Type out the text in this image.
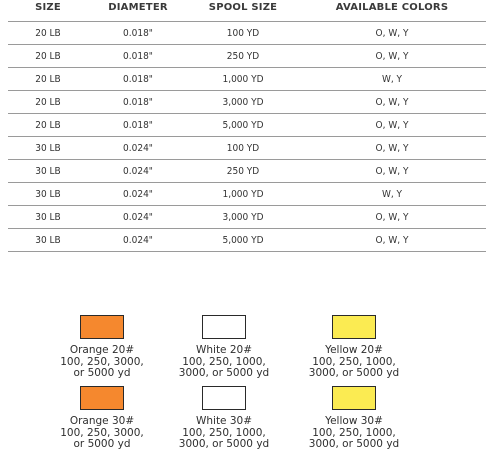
SIZE	DIAMETER	SPOOL SIZE	AVAILABLE COLORS
20 LB	0.018"	100 YD	O, W, Y
20 LB	0.018"	250 YD	O, W, Y
20 LB	0.018"	1,000 YD	W, Y
20 LB	0.018"	3,000 YD	O, W, Y
20 LB	0.018"	5,000 YD	O, W, Y
30 LB	0.024"	100 YD	O, W, Y
30 LB	0.024"	250 YD	O, W, Y
30 LB	0.024"	1,000 YD	W, Y
30 LB	0.024"	3,000 YD	O, W, Y
30 LB	0.024"	5,000 YD	O, W, Y
Orange 20#
100, 250, 3000,
or 5000 yd
White 20#
100, 250, 1000,
3000, or 5000 yd
Yellow 20#
100, 250, 1000,
3000, or 5000 yd
Orange 30#
100, 250, 3000,
or 5000 yd
White 30#
100, 250, 1000,
3000, or 5000 yd
Yellow 30#
100, 250, 1000,
3000, or 5000 yd
